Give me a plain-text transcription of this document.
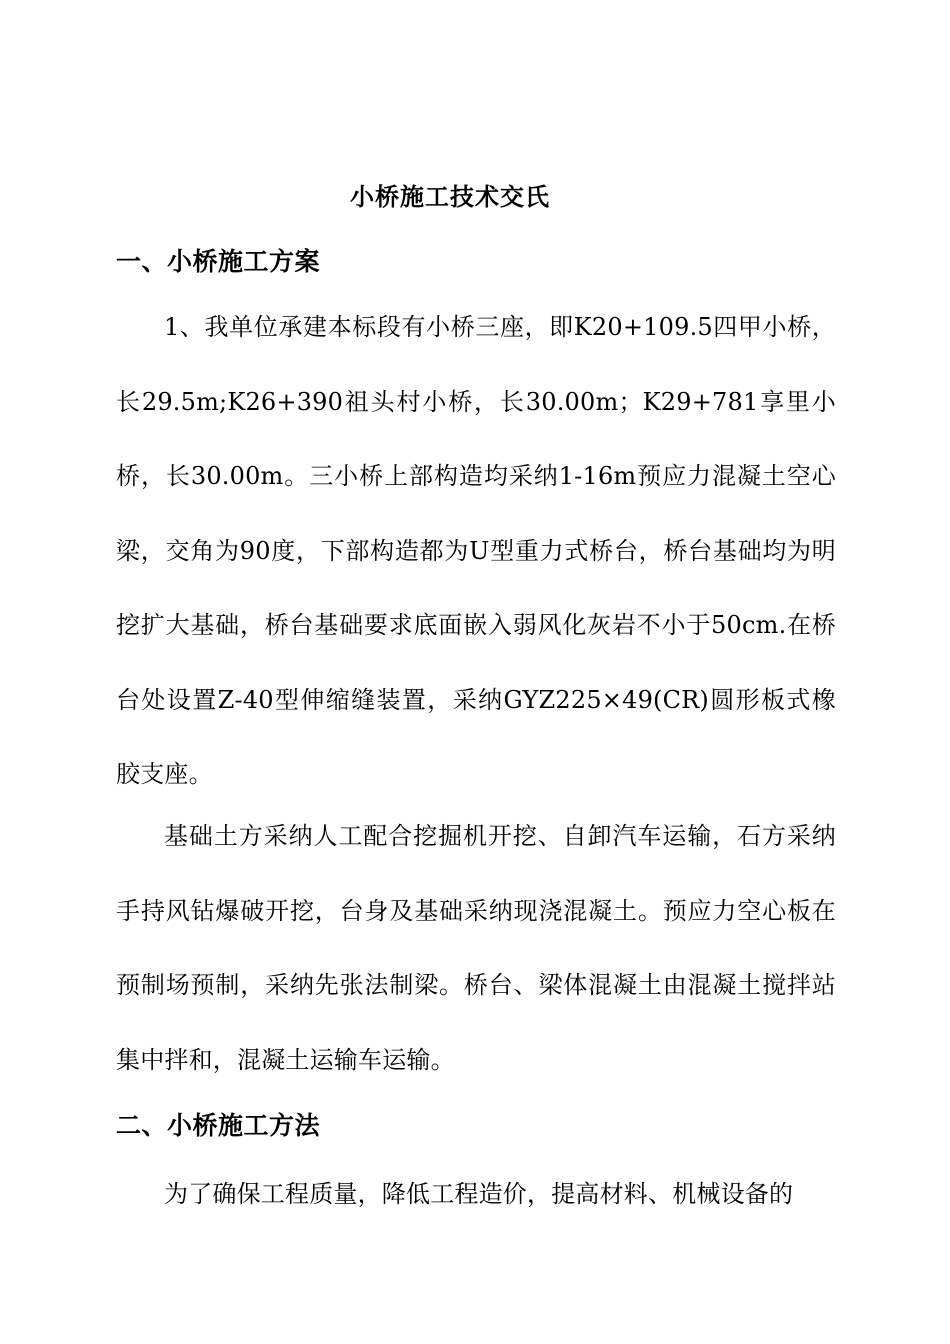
小桥施工技术交氏
一、小桥施工方案
1、我单位承建本标段有小桥三座，即K20+109.5四甲小桥，长29.5m;K26+390祖头村小桥，长30.00m；K29+781享里小桥，长30.00m。三小桥上部构造均采纳1-16m预应力混凝土空心梁，交角为90度，下部构造都为U型重力式桥台，桥台基础均为明挖扩大基础，桥台基础要求底面嵌入弱风化灰岩不小于50cm.在桥台处设置Z-40型伸缩缝装置，采纳GYZ225×49(CR)圆形板式橡胶支座。
基础土方采纳人工配合挖掘机开挖、自卸汽车运输，石方采纳手持风钻爆破开挖，台身及基础采纳现浇混凝土。预应力空心板在预制场预制，采纳先张法制梁。桥台、梁体混凝土由混凝土搅拌站集中拌和，混凝土运输车运输。
二、小桥施工方法
为了确保工程质量，降低工程造价，提高材料、机械设备的
